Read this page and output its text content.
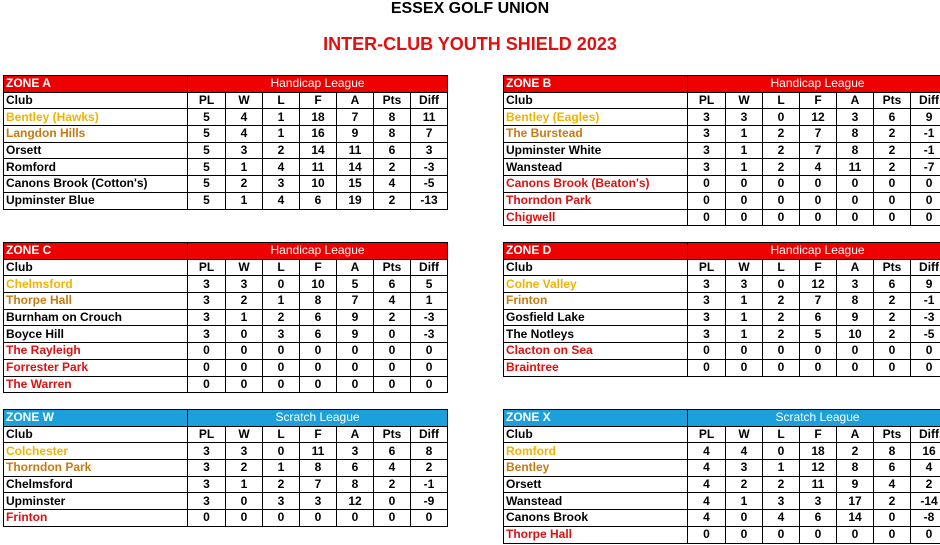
ESSEX GOLF UNION
INTER-CLUB YOUTH SHIELD 2023
ZONE A	Handicap League						
Club	PL	W	L	F	A	Pts	Diff
Bentley (Hawks)	5	4	1	18	7	8	11
Langdon Hills	5	4	1	16	9	8	7
Orsett	5	3	2	14	11	6	3
Romford	5	1	4	11	14	2	-3
Canons Brook (Cotton's)	5	2	3	10	15	4	-5
Upminster Blue	5	1	4	6	19	2	-13
ZONE B	Handicap League						
Club	PL	W	L	F	A	Pts	Diff
Bentley (Eagles)	3	3	0	12	3	6	9
The Burstead	3	1	2	7	8	2	-1
Upminster White	3	1	2	7	8	2	-1
Wanstead	3	1	2	4	11	2	-7
Canons Brook (Beaton's)	0	0	0	0	0	0	0
Thorndon Park	0	0	0	0	0	0	0
Chigwell	0	0	0	0	0	0	0
ZONE C	Handicap League						
Club	PL	W	L	F	A	Pts	Diff
Chelmsford	3	3	0	10	5	6	5
Thorpe Hall	3	2	1	8	7	4	1
Burnham on Crouch	3	1	2	6	9	2	-3
Boyce Hill	3	0	3	6	9	0	-3
The Rayleigh	0	0	0	0	0	0	0
Forrester Park	0	0	0	0	0	0	0
The Warren	0	0	0	0	0	0	0
ZONE D	Handicap League						
Club	PL	W	L	F	A	Pts	Diff
Colne Valley	3	3	0	12	3	6	9
Frinton	3	1	2	7	8	2	-1
Gosfield Lake	3	1	2	6	9	2	-3
The Notleys	3	1	2	5	10	2	-5
Clacton on Sea	0	0	0	0	0	0	0
Braintree	0	0	0	0	0	0	0
ZONE W	Scratch League						
Club	PL	W	L	F	A	Pts	Diff
Colchester	3	3	0	11	3	6	8
Thorndon Park	3	2	1	8	6	4	2
Chelmsford	3	1	2	7	8	2	-1
Upminster	3	0	3	3	12	0	-9
Frinton	0	0	0	0	0	0	0
ZONE X	Scratch League						
Club	PL	W	L	F	A	Pts	Diff
Romford	4	4	0	18	2	8	16
Bentley	4	3	1	12	8	6	4
Orsett	4	2	2	11	9	4	2
Wanstead	4	1	3	3	17	2	-14
Canons Brook	4	0	4	6	14	0	-8
Thorpe Hall	0	0	0	0	0	0	0
